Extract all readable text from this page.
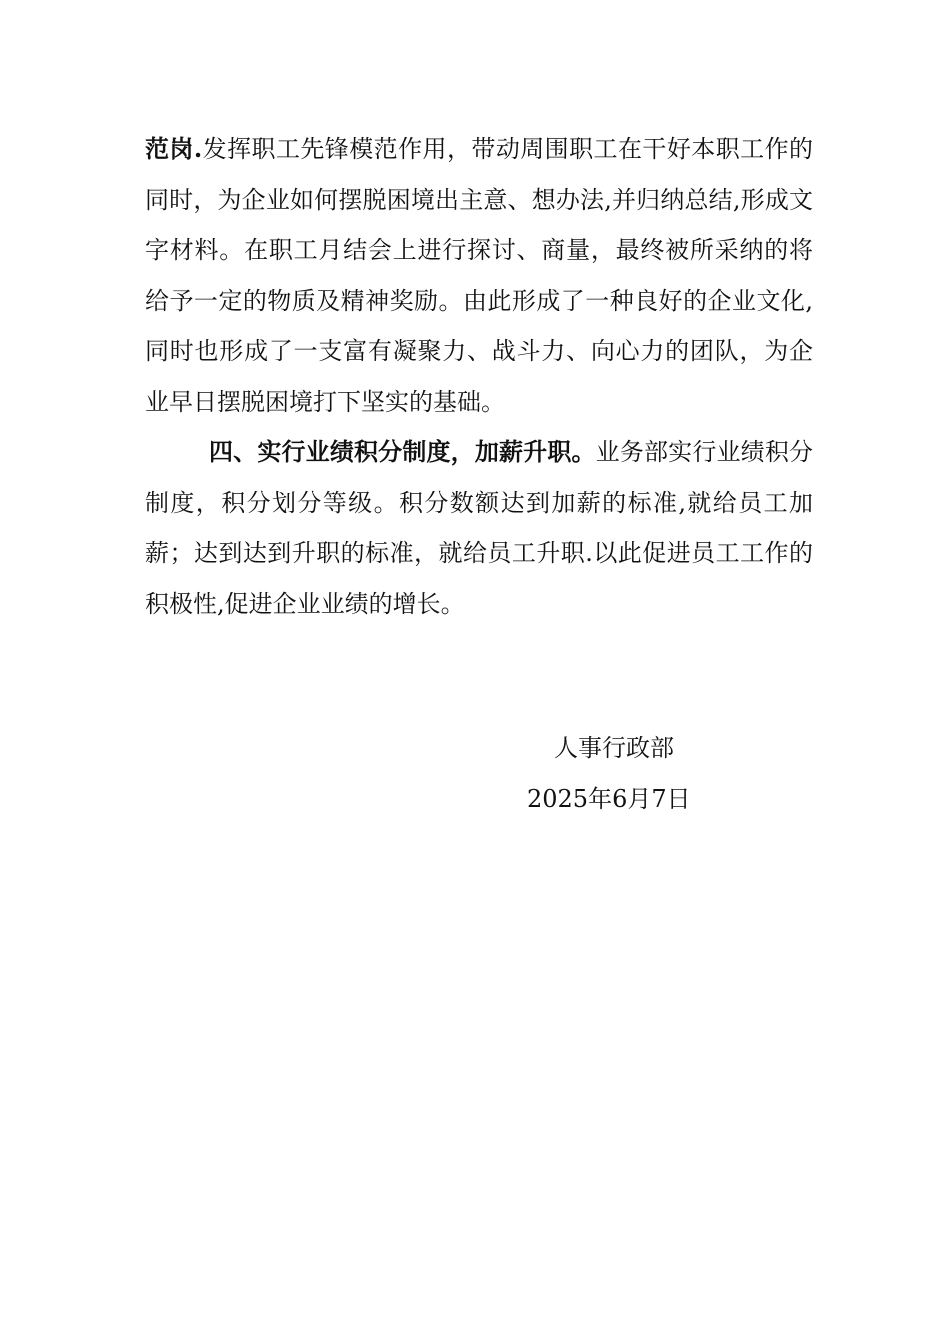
范岗.发挥职工先锋模范作用，带动周围职工在干好本职工作的同时，为企业如何摆脱困境出主意、想办法,并归纳总结,形成文字材料。在职工月结会上进行探讨、商量，最终被所采纳的将给予一定的物质及精神奖励。由此形成了一种良好的企业文化,同时也形成了一支富有凝聚力、战斗力、向心力的团队，为企业早日摆脱困境打下坚实的基础。

四、实行业绩积分制度，加薪升职。业务部实行业绩积分制度，积分划分等级。积分数额达到加薪的标准,就给员工加薪；达到达到升职的标准，就给员工升职.以此促进员工工作的积极性,促进企业业绩的增长。

人事行政部
2025年6月7日
